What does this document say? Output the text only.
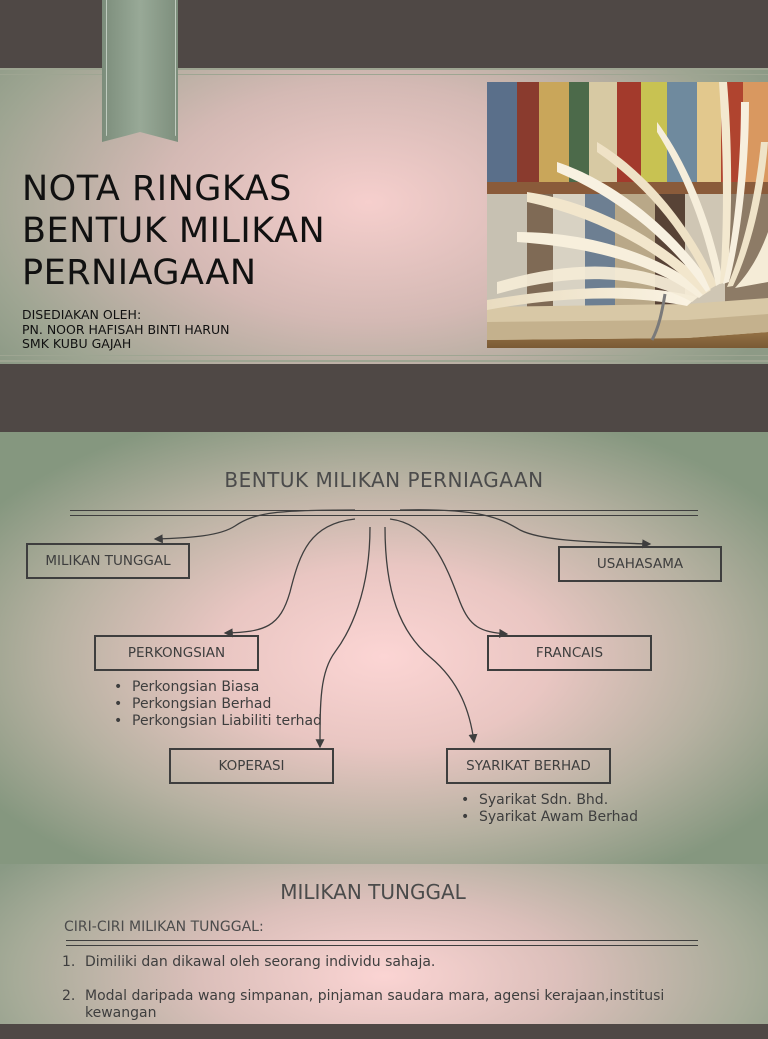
NOTA RINGKAS
BENTUK MILIKAN
PERNIAGAAN
DISEDIAKAN OLEH:
PN. NOOR HAFISAH BINTI HARUN
SMK KUBU GAJAH
BENTUK MILIKAN PERNIAGAAN
MILIKAN TUNGGAL	USAHASAMA
PERKONGSIAN	FRANCAIS
KOPERASI	SYARIKAT BERHAD
• Perkongsian Biasa
• Perkongsian Berhad
• Perkongsian Liabiliti terhad
• Syarikat Sdn. Bhd.
• Syarikat Awam Berhad
MILIKAN TUNGGAL
CIRI-CIRI MILIKAN TUNGGAL:
1. Dimiliki dan dikawal oleh seorang individu sahaja.
2. Modal daripada wang simpanan, pinjaman saudara mara, agensi kerajaan,institusi kewangan
